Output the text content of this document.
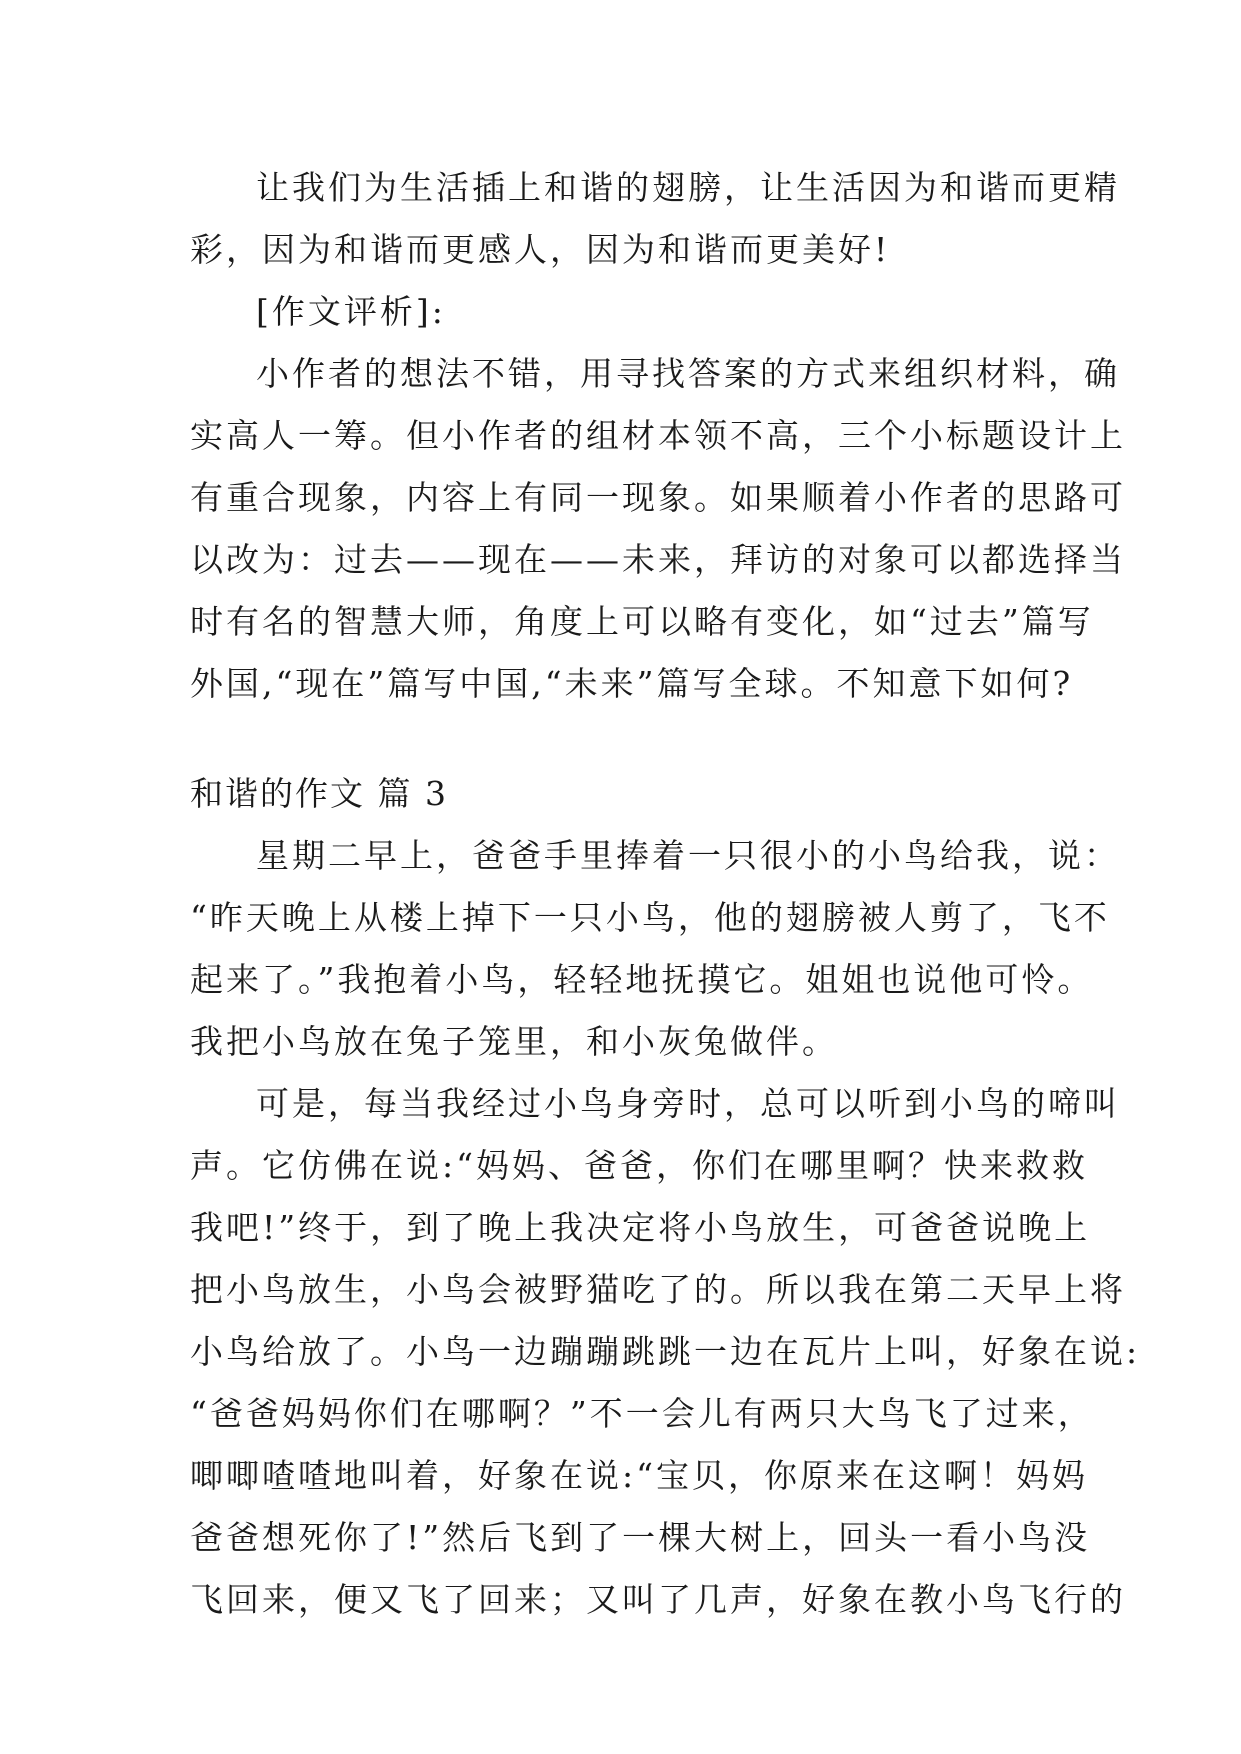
让我们为生活插上和谐的翅膀，让生活因为和谐而更精
彩，因为和谐而更感人，因为和谐而更美好!
[作文评析]:
小作者的想法不错，用寻找答案的方式来组织材料，确
实高人一筹。但小作者的组材本领不高，三个小标题设计上
有重合现象，内容上有同一现象。如果顺着小作者的思路可
以改为：过去——现在——未来，拜访的对象可以都选择当
时有名的智慧大师，角度上可以略有变化，如“过去”篇写
外国,“现在”篇写中国,“未来”篇写全球。不知意下如何?
和谐的作文 篇 3
星期二早上，爸爸手里捧着一只很小的小鸟给我，说：
“昨天晚上从楼上掉下一只小鸟，他的翅膀被人剪了，飞不
起来了。”我抱着小鸟，轻轻地抚摸它。姐姐也说他可怜。
我把小鸟放在兔子笼里，和小灰兔做伴。
可是，每当我经过小鸟身旁时，总可以听到小鸟的啼叫
声。它仿佛在说:“妈妈、爸爸，你们在哪里啊？快来救救
我吧!”终于，到了晚上我决定将小鸟放生，可爸爸说晚上
把小鸟放生，小鸟会被野猫吃了的。所以我在第二天早上将
小鸟给放了。小鸟一边蹦蹦跳跳一边在瓦片上叫，好象在说:
“爸爸妈妈你们在哪啊？”不一会儿有两只大鸟飞了过来，
唧唧喳喳地叫着，好象在说:“宝贝，你原来在这啊！妈妈
爸爸想死你了!”然后飞到了一棵大树上，回头一看小鸟没
飞回来，便又飞了回来；又叫了几声，好象在教小鸟飞行的
